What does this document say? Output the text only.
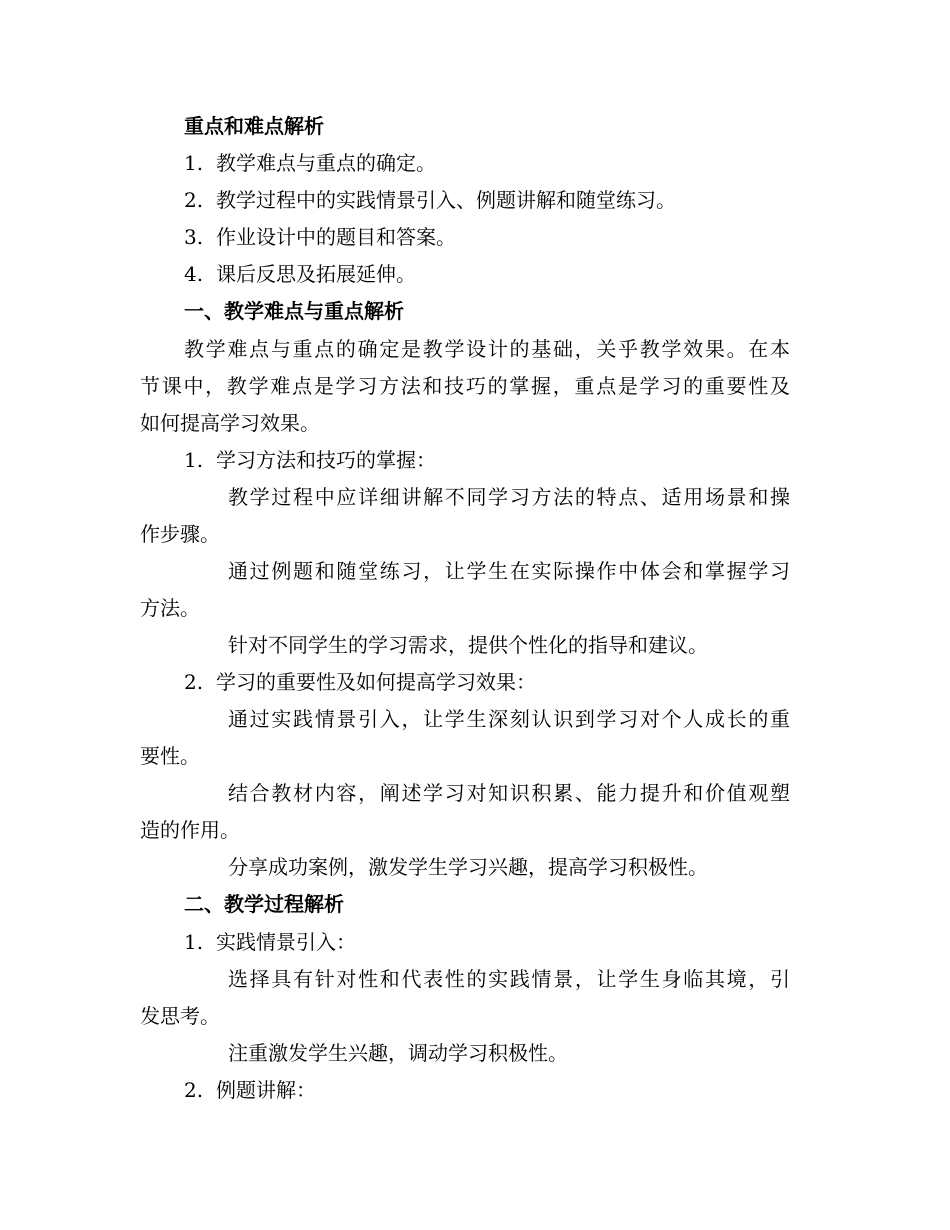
重点和难点解析
1. 教学难点与重点的确定。
2. 教学过程中的实践情景引入、例题讲解和随堂练习。
3. 作业设计中的题目和答案。
4. 课后反思及拓展延伸。
一、教学难点与重点解析
教学难点与重点的确定是教学设计的基础，关乎教学效果。在本
节课中，教学难点是学习方法和技巧的掌握，重点是学习的重要性及
如何提高学习效果。
1. 学习方法和技巧的掌握：
教学过程中应详细讲解不同学习方法的特点、适用场景和操
作步骤。
通过例题和随堂练习，让学生在实际操作中体会和掌握学习
方法。
针对不同学生的学习需求，提供个性化的指导和建议。
2. 学习的重要性及如何提高学习效果：
通过实践情景引入，让学生深刻认识到学习对个人成长的重
要性。
结合教材内容，阐述学习对知识积累、能力提升和价值观塑
造的作用。
分享成功案例，激发学生学习兴趣，提高学习积极性。
二、教学过程解析
1. 实践情景引入：
选择具有针对性和代表性的实践情景，让学生身临其境，引
发思考。
注重激发学生兴趣，调动学习积极性。
2. 例题讲解：
